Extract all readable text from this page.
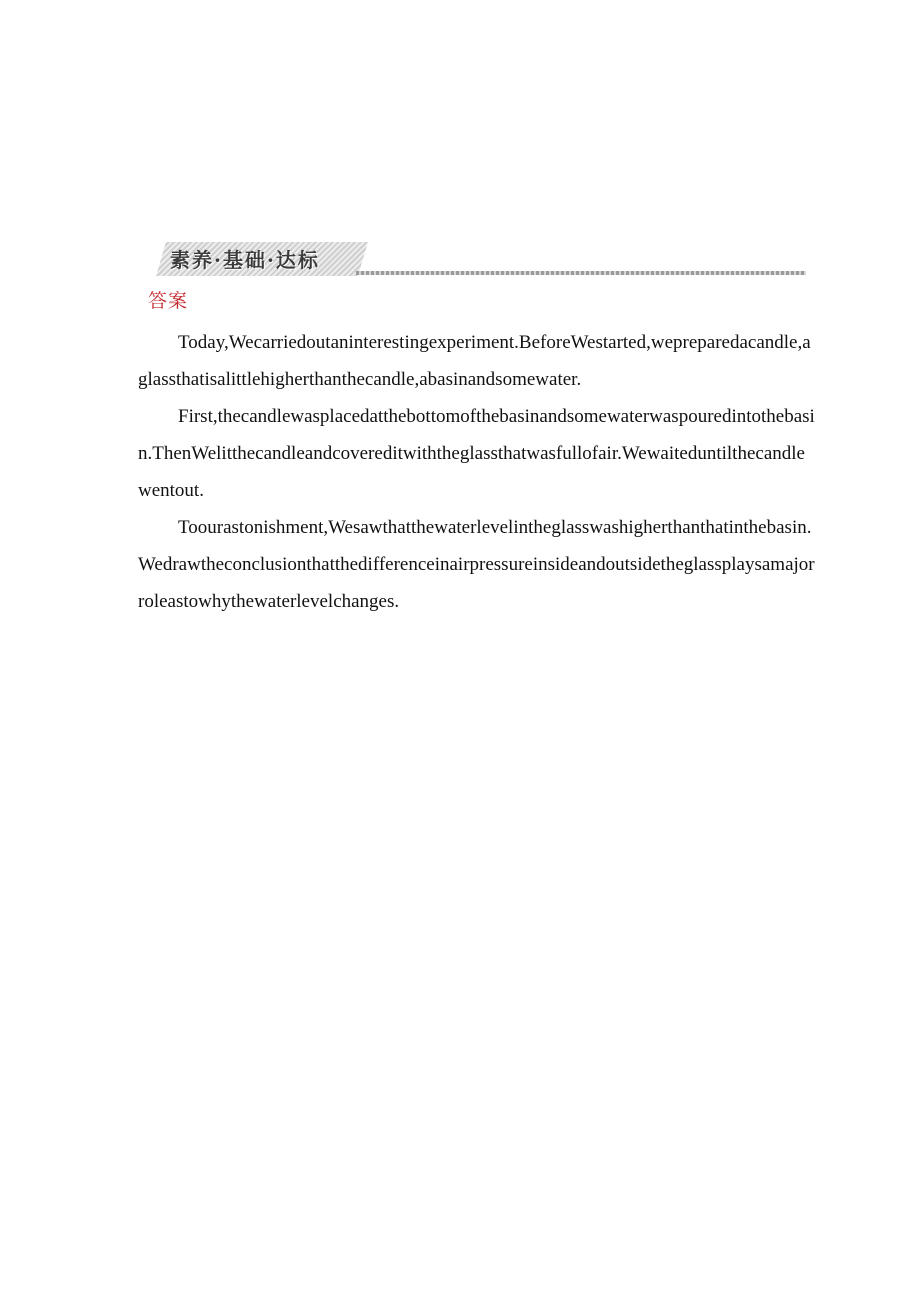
素养·基础·达标
答案

Today,Wecarriedoutaninterestingexperiment.BeforeWestarted,wepreparedacandle,aglassthatisalittlehigherthanthecandle,abasinandsomewater.

First,thecandlewasplacedatthebottomofthebasinandsomewaterwaspouredintothebasin.ThenWelitthecandleandcovereditwiththeglassthatwasfullofair.Wewaiteduntilthecandlewentout.

Toourastonishment,Wesawthatthewaterlevelintheglasswashigherthanthatinthebasin.Wedrawtheconclusionthatthedifferenceinairpressureinsideandoutsidetheglassplaysamajorroleastowhythewaterlevelchanges.
